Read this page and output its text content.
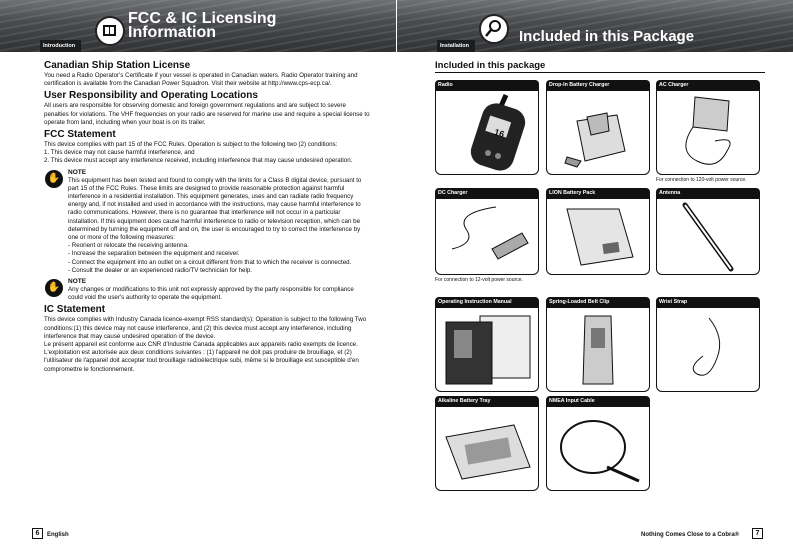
Introduction
FCC & IC Licensing
Information
Canadian Ship Station License

You need a Radio Operator's Certificate if your vessel is operated in Canadian waters. Radio Operator training and certification is available from the Canadian Power Squadron. Visit their website at http://www.cps-ecp.ca/.

User Responsibility and Operating Locations

All users are responsible for observing domestic and foreign government regulations and are subject to severe penalties for violations. The VHF frequencies on your radio are reserved for marine use and require a special license to operate from land, including when your boat is on its trailer.

FCC Statement

This device complies with part 15 of the FCC Rules. Operation is subject to the following two (2) conditions:

1. This device may not cause harmful interference, and
2. This device must accept any interference received, including interference that may cause undesired operation.
✋
NOTE

This equipment has been tested and found to comply with the limits for a Class B digital device, pursuant to part 15 of the FCC Rules. These limits are designed to provide reasonable protection against harmful interference in a residential installation. This equipment generates, uses and can radiate radio frequency energy and, if not installed and used in accordance with the instructions, may cause harmful interference to radio communications. However, there is no guarantee that interference will not occur in a particular installation. If this equipment does cause harmful interference to radio or television reception, which can be determined by turning the equipment off and on, the user is encouraged to try to correct the interference by one or more of the following measures:

- Reorient or relocate the receiving antenna.
- Increase the separation between the equipment and receiver.
- Connect the equipment into an outlet on a circuit different from that to which the receiver is connected.
- Consult the dealer or an experienced radio/TV technician for help.
✋
NOTE

Any changes or modifications to this unit not expressly approved by the party responsible for compliance could void the user's authority to operate the equipment.

IC Statement

This device complies with Industry Canada licence-exempt RSS standard(s): Operation is subject to the following Two conditions:(1) this device may not cause interference, and (2) this device must accept any interference, including interference that may cause undesired operation of the device.

Le présent appareil est conforme aux CNR d'Industrie Canada applicables aux appareils radio exempts de licence. L'exploitation est autorisée aux deux conditions suivantes : (1) l'appareil ne doit pas produire de brouillage, et (2) l'utilisateur de l'appareil doit accepter tout brouillage radioélectrique subi, même si le brouillage est susceptible d'en compromettre le fonctionnement.

6	English
Installation
Included in this Package
Included in this package
Radio
16
Drop-In Battery Charger	AC Charger
For connection to 120-volt power source.
DC Charger
For connection to 12-volt power source.
LION Battery Pack	Antenna
Operating Instruction Manual	Spring-Loaded Belt Clip	Wrist Strap
Alkaline Battery Tray	NMEA Input Cable
Nothing Comes Close to a Cobra®	7
